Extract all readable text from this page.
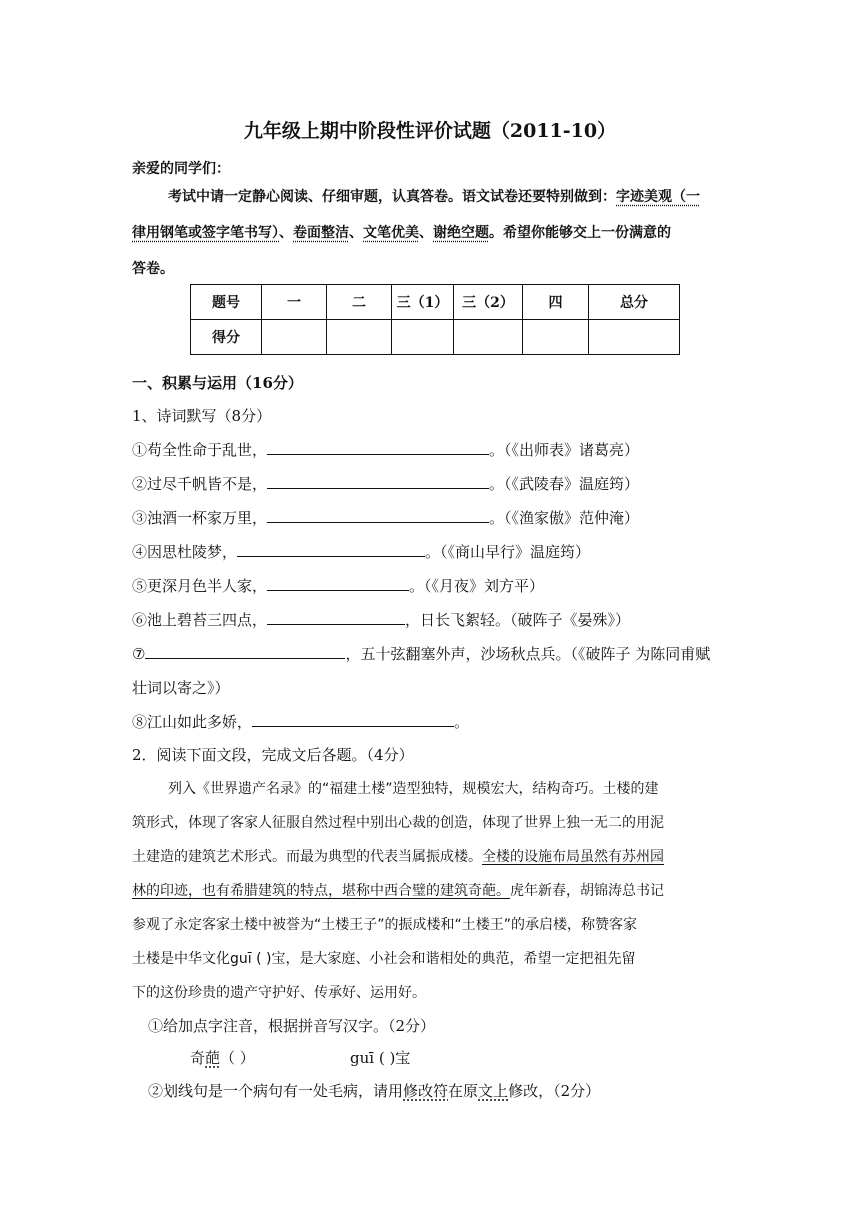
九年级上期中阶段性评价试题（2011-10）
亲爱的同学们：
考试中请一定静心阅读、仔细审题，认真答卷。语文试卷还要特别做到：字迹美观（一
律用钢笔或签字笔书写）、卷面整洁、文笔优美、谢绝空题。希望你能够交上一份满意的
答卷。
题号	一	二	三（1）	三（2）	四	总分
得分						
一、积累与运用（16分）
1、诗词默写（8分）
①苟全性命于乱世，	。（《出师表》诸葛亮）
②过尽千帆皆不是，	。（《武陵春》温庭筠）
③浊酒一杯家万里，	。（《渔家傲》范仲淹）
④因思杜陵梦，	。（《商山早行》温庭筠）
⑤更深月色半人家，	。（《月夜》刘方平）
⑥池上碧苔三四点，	，日长飞絮轻。（破阵子《晏殊》）
⑦	，五十弦翻塞外声，沙场秋点兵。（《破阵子 为陈同甫赋
壮词以寄之》）
⑧江山如此多娇，	。
2．阅读下面文段，完成文后各题。（4分）
列入《世界遗产名录》的“福建土楼”造型独特，规模宏大，结构奇巧。土楼的建
筑形式，体现了客家人征服自然过程中别出心裁的创造，体现了世界上独一无二的用泥
土建造的建筑艺术形式。而最为典型的代表当属振成楼。全楼的设施布局虽然有苏州园
林的印迹，也有希腊建筑的特点，堪称中西合璧的建筑奇葩。虎年新春，胡锦涛总书记
参观了永定客家土楼中被誉为“土楼王子”的振成楼和“土楼王”的承启楼，称赞客家
土楼是中华文化guī ( )宝，是大家庭、小社会和谐相处的典范，希望一定把祖先留
下的这份珍贵的遗产守护好、传承好、运用好。
①给加点字注音，根据拼音写汉字。（2分）
奇葩（ ）	guī ( )宝
②划线句是一个病句有一处毛病，请用修改符在原文上修改，（2分）
